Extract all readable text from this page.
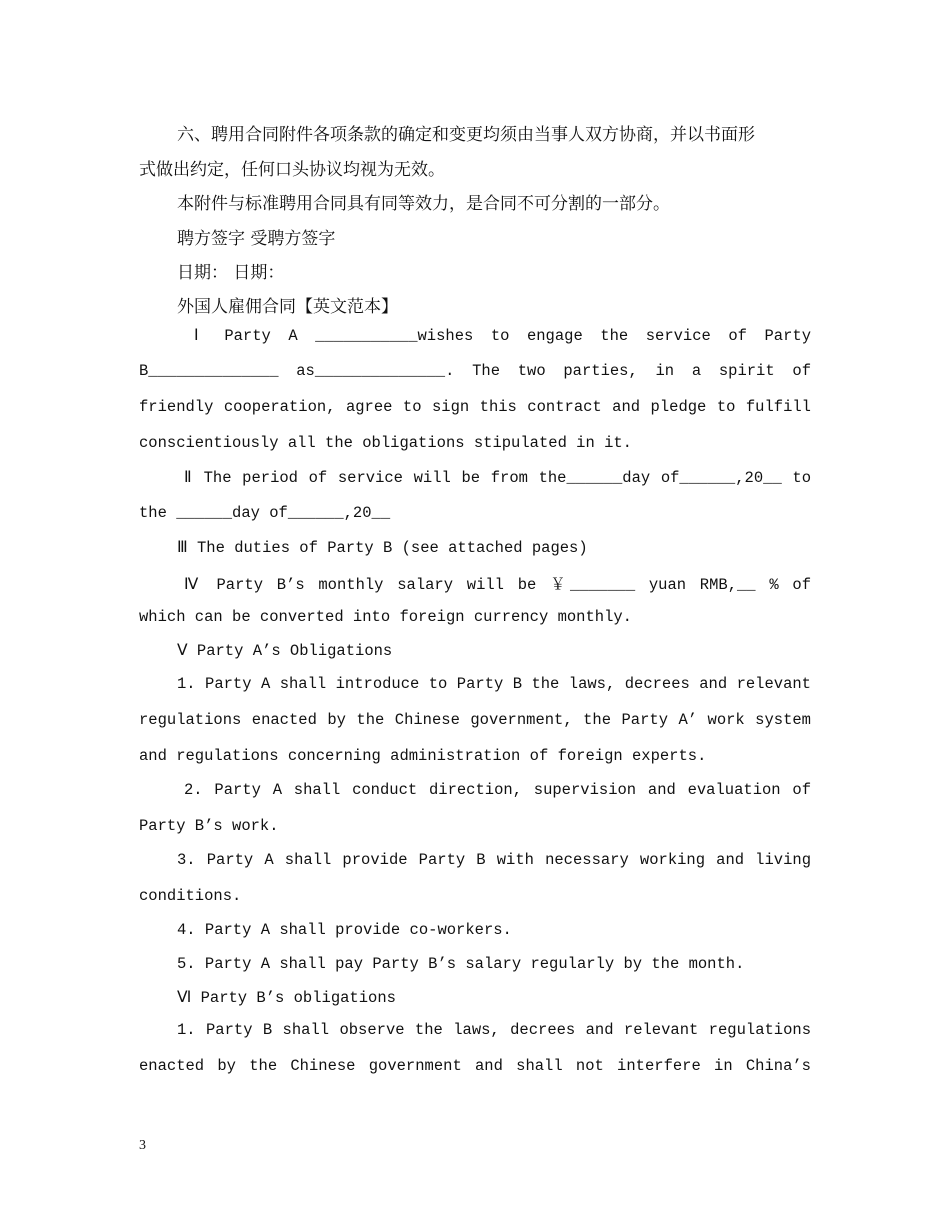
六、聘用合同附件各项条款的确定和变更均须由当事人双方协商，并以书面形
式做出约定，任何口头协议均视为无效。
本附件与标准聘用合同具有同等效力，是合同不可分割的一部分。
聘方签字 受聘方签字
日期： 日期：
外国人雇佣合同【英文范本】
Ⅰ Party A ___________wishes to engage the service of Party
B______________ as______________. The two parties, in a spirit of
friendly cooperation, agree to sign this contract and pledge to fulfill
conscientiously all the obligations stipulated in it.
Ⅱ The period of service will be from the______day of______,20__ to
the ______day of______,20__
Ⅲ The duties of Party B (see attached pages)
Ⅳ Party B’s monthly salary will be ￥_______ yuan RMB,__ % of
which can be converted into foreign currency monthly.
Ⅴ Party A’s Obligations
1. Party A shall introduce to Party B the laws, decrees and relevant
regulations enacted by the Chinese government, the Party A’ work system
and regulations concerning administration of foreign experts.
2. Party A shall conduct direction, supervision and evaluation of
Party B’s work.
3. Party A shall provide Party B with necessary working and living
conditions.
4. Party A shall provide co-workers.
5. Party A shall pay Party B’s salary regularly by the month.
Ⅵ Party B’s obligations
1. Party B shall observe the laws, decrees and relevant regulations
enacted by the Chinese government and shall not interfere in China’s
3
